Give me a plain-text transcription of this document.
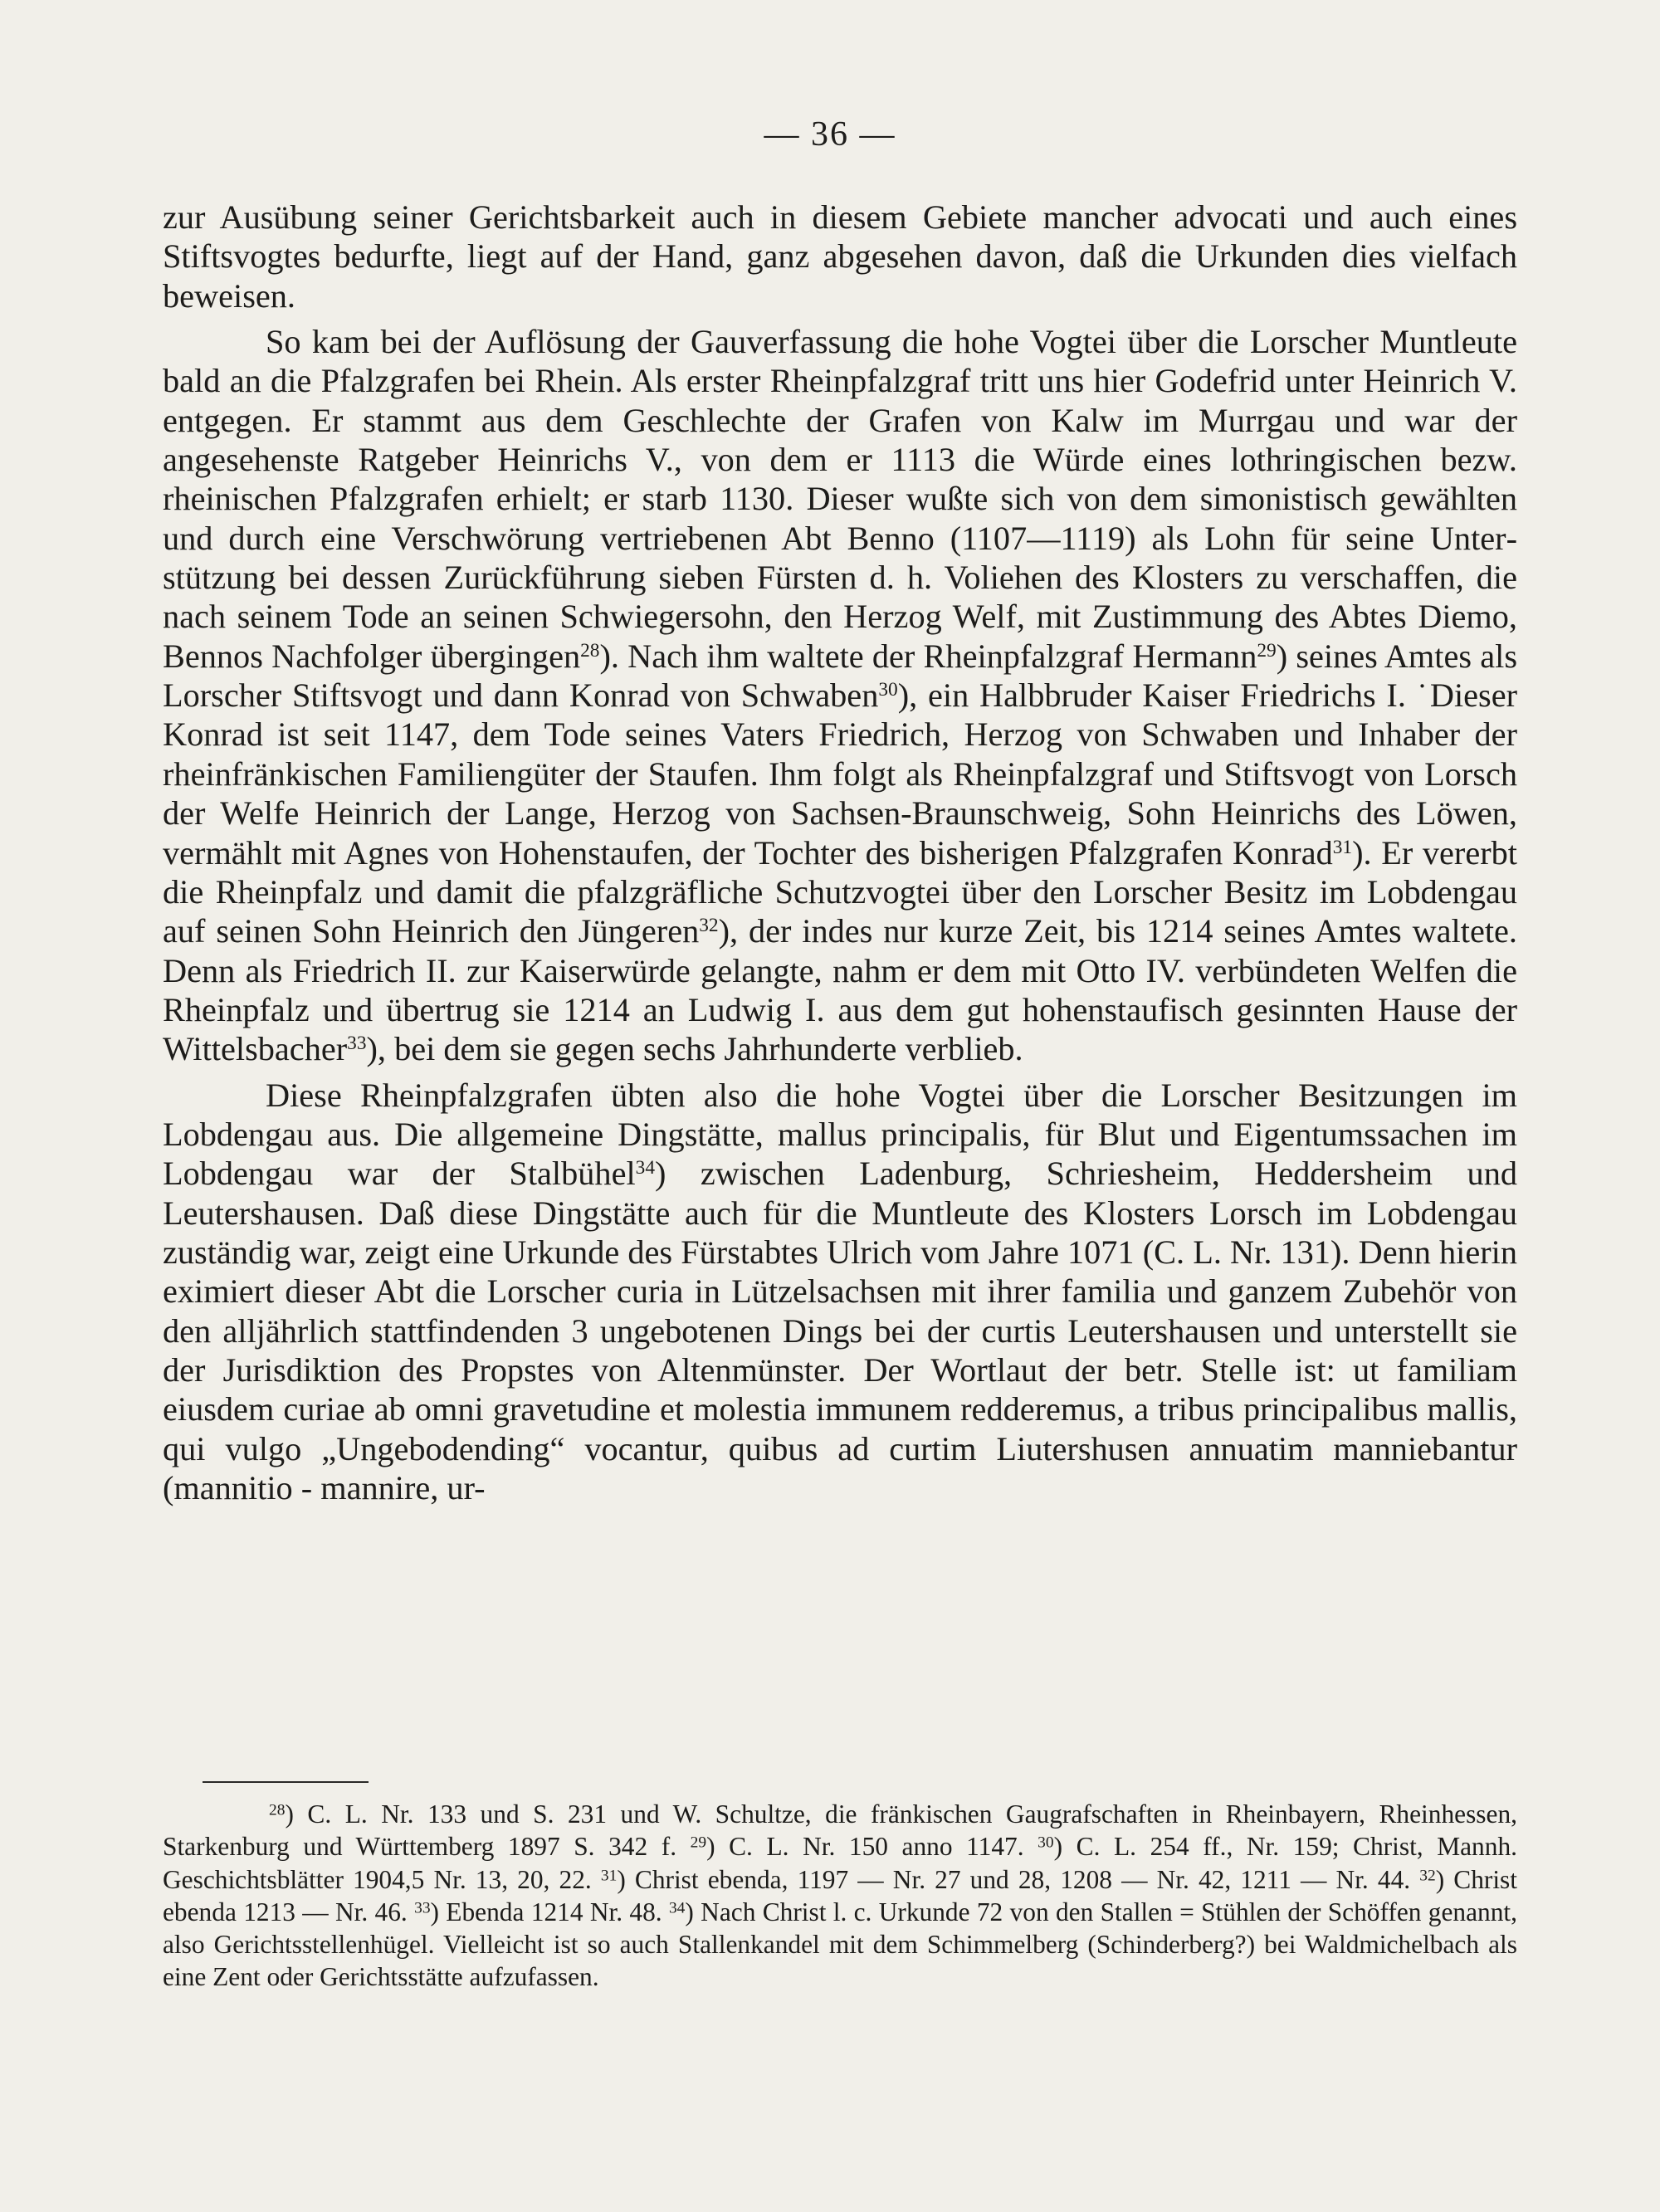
— 36 —

zur Ausübung seiner Gerichtsbarkeit auch in diesem Gebiete mancher advocati und auch eines Stiftsvogtes bedurfte, liegt auf der Hand, ganz abgesehen davon, daß die Urkunden dies vielfach beweisen.

So kam bei der Auflösung der Gauverfassung die hohe Vogtei über die Lorscher Muntleute bald an die Pfalzgrafen bei Rhein. Als erster Rheinpfalzgraf tritt uns hier Godefrid unter Heinrich V. entgegen. Er stammt aus dem Geschlechte der Grafen von Kalw im Murrgau und war der angesehenste Ratgeber Heinrichs V., von dem er 1113 die Würde eines lothringischen bezw. rheinischen Pfalzgrafen erhielt; er starb 1130. Dieser wußte sich von dem simonistisch gewählten und durch eine Verschwörung vertriebenen Abt Benno (1107—1119) als Lohn für seine Unterstützung bei dessen Zurückführung sieben Fürsten d. h. Voliehen des Klosters zu verschaffen, die nach seinem Tode an seinen Schwiegersohn, den Herzog Welf, mit Zustimmung des Abtes Diemo, Bennos Nachfolger übergingen$^{28}$). Nach ihm waltete der Rheinpfalzgraf Hermann$^{29}$) seines Amtes als Lorscher Stiftsvogt und dann Konrad von Schwaben$^{30}$), ein Halbbruder Kaiser Friedrichs I. ˙Dieser Konrad ist seit 1147, dem Tode seines Vaters Friedrich, Herzog von Schwaben und Inhaber der rheinfränkischen Familiengüter der Staufen. Ihm folgt als Rheinpfalzgraf und Stiftsvogt von Lorsch der Welfe Heinrich der Lange, Herzog von Sachsen-Braunschweig, Sohn Heinrichs des Löwen, vermählt mit Agnes von Hohenstaufen, der Tochter des bisherigen Pfalzgrafen Konrad$^{31}$). Er vererbt die Rheinpfalz und damit die pfalzgräfliche Schutzvogtei über den Lorscher Besitz im Lobdengau auf seinen Sohn Heinrich den Jüngeren$^{32}$), der indes nur kurze Zeit, bis 1214 seines Amtes waltete. Denn als Friedrich II. zur Kaiserwürde gelangte, nahm er dem mit Otto IV. verbündeten Welfen die Rheinpfalz und übertrug sie 1214 an Ludwig I. aus dem gut hohenstaufisch gesinnten Hause der Wittelsbacher$^{33}$), bei dem sie gegen sechs Jahrhunderte verblieb.

Diese Rheinpfalzgrafen übten also die hohe Vogtei über die Lorscher Besitzungen im Lobdengau aus. Die allgemeine Dingstätte, mallus principalis, für Blut und Eigentumssachen im Lobdengau war der Stalbühel$^{34}$) zwischen Ladenburg, Schriesheim, Heddersheim und Leutershausen. Daß diese Dingstätte auch für die Muntleute des Klosters Lorsch im Lobdengau zuständig war, zeigt eine Urkunde des Fürstabtes Ulrich vom Jahre 1071 (C. L. Nr. 131). Denn hierin eximiert dieser Abt die Lorscher curia in Lützelsachsen mit ihrer familia und ganzem Zubehör von den alljährlich stattfindenden 3 ungebotenen Dings bei der curtis Leutershausen und unterstellt sie der Jurisdiktion des Propstes von Altenmünster. Der Wortlaut der betr. Stelle ist: ut familiam eiusdem curiae ab omni gravetudine et molestia immunem redderemus, a tribus principalibus mallis, qui vulgo „Ungebodending“ vocantur, quibus ad curtim Liutershusen annuatim manniebantur (mannitio - mannire, ur-

$^{28}$) C. L. Nr. 133 und S. 231 und W. Schultze, die fränkischen Gaugrafschaften in Rheinbayern, Rheinhessen, Starkenburg und Württemberg 1897 S. 342 f. $^{29}$) C. L. Nr. 150 anno 1147. $^{30}$) C. L. 254 ff., Nr. 159; Christ, Mannh. Geschichtsblätter 1904,5 Nr. 13, 20, 22. $^{31}$) Christ ebenda, 1197 — Nr. 27 und 28, 1208 — Nr. 42, 1211 — Nr. 44. $^{32}$) Christ ebenda 1213 — Nr. 46. $^{33}$) Ebenda 1214 Nr. 48. $^{34}$) Nach Christ l. c. Urkunde 72 von den Stallen = Stühlen der Schöffen genannt, also Gerichtsstellenhügel. Vielleicht ist so auch Stallenkandel mit dem Schimmelberg (Schinderberg?) bei Waldmichelbach als eine Zent oder Gerichtsstätte aufzufassen.
